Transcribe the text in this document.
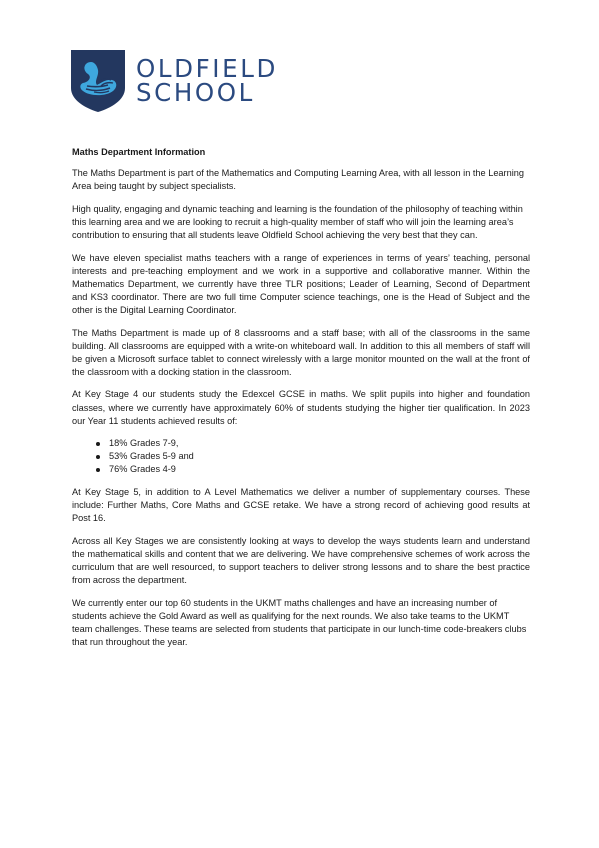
OLDFIELD
SCHOOL
Maths Department Information

The Maths Department is part of the Mathematics and Computing Learning Area, with all lesson in the Learning Area being taught by subject specialists.

High quality, engaging and dynamic teaching and learning is the foundation of the philosophy of teaching within this learning area and we are looking to recruit a high-quality member of staff who will join the learning area’s contribution to ensuring that all students leave Oldfield School achieving the very best that they can.

We have eleven specialist maths teachers with a range of experiences in terms of years’ teaching, personal interests and pre-teaching employment and we work in a supportive and collaborative manner. Within the Mathematics Department, we currently have three TLR positions; Leader of Learning, Second of Department and KS3 coordinator. There are two full time Computer science teachings, one is the Head of Subject and the other is the Digital Learning Coordinator.

The Maths Department is made up of 8 classrooms and a staff base; with all of the classrooms in the same building. All classrooms are equipped with a write-on whiteboard wall. In addition to this all members of staff will be given a Microsoft surface tablet to connect wirelessly with a large monitor mounted on the wall at the front of the classroom with a docking station in the classroom.

At Key Stage 4 our students study the Edexcel GCSE in maths. We split pupils into higher and foundation classes, where we currently have approximately 60% of students studying the higher tier qualification. In 2023 our Year 11 students achieved results of:

18% Grades 7-9,
53% Grades 5-9 and
76% Grades 4-9

At Key Stage 5, in addition to A Level Mathematics we deliver a number of supplementary courses. These include: Further Maths, Core Maths and GCSE retake. We have a strong record of achieving good results at Post 16.

Across all Key Stages we are consistently looking at ways to develop the ways students learn and understand the mathematical skills and content that we are delivering. We have comprehensive schemes of work across the curriculum that are well resourced, to support teachers to deliver strong lessons and to share the best practice from across the department.

We currently enter our top 60 students in the UKMT maths challenges and have an increasing number of students achieve the Gold Award as well as qualifying for the next rounds. We also take teams to the UKMT team challenges. These teams are selected from students that participate in our lunch-time code-breakers clubs that run throughout the year.
